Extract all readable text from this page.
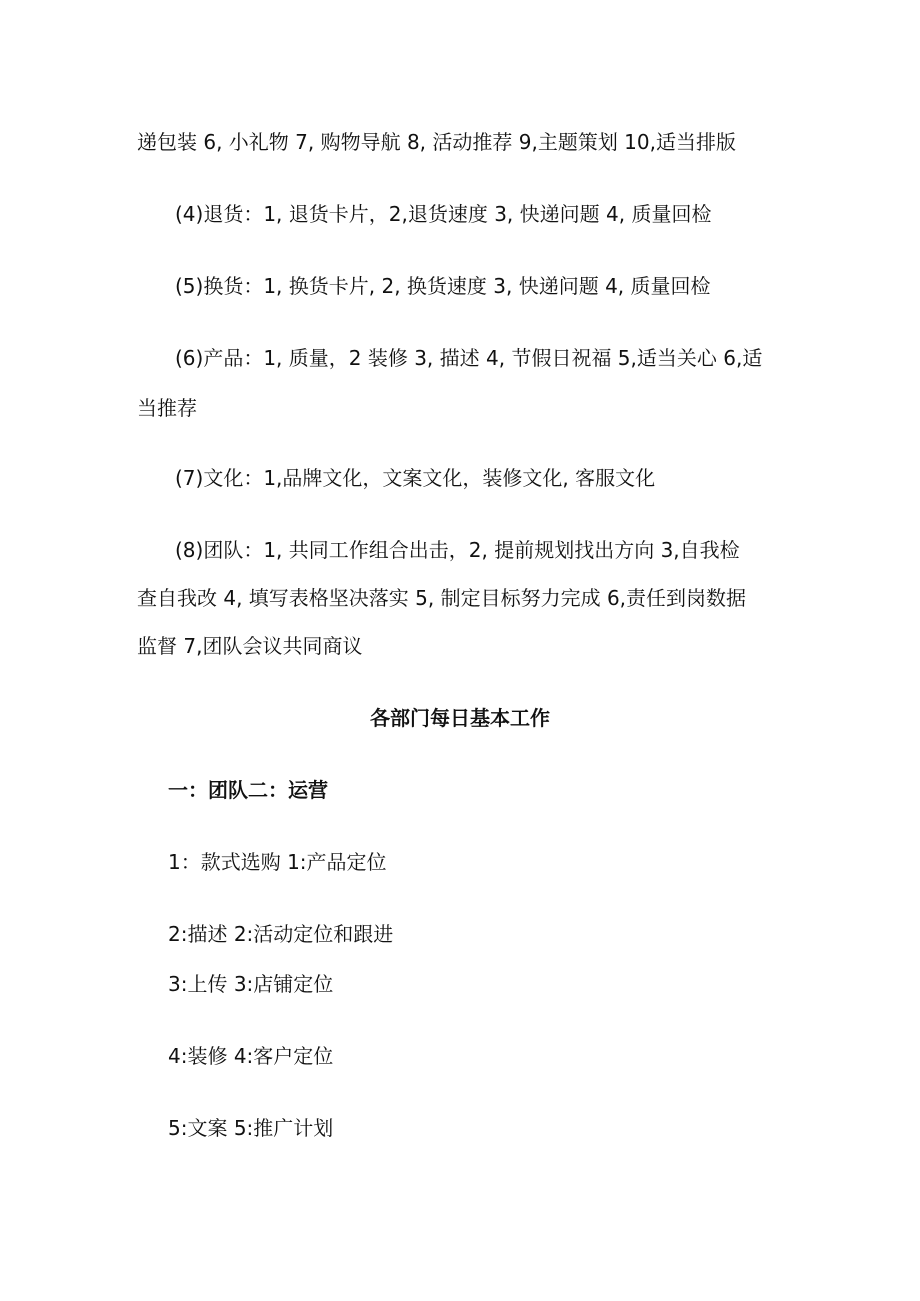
递包装 6, 小礼物 7, 购物导航 8, 活动推荐 9,主题策划 10,适当排版
(4)退货：1, 退货卡片，2,退货速度 3, 快递问题 4, 质量回检
(5)换货：1, 换货卡片, 2, 换货速度 3, 快递问题 4, 质量回检
(6)产品：1, 质量，2 装修 3, 描述 4, 节假日祝福 5,适当关心 6,适
当推荐
(7)文化：1,品牌文化，文案文化，装修文化, 客服文化
(8)团队：1, 共同工作组合出击，2, 提前规划找出方向 3,自我检
查自我改 4, 填写表格坚决落实 5, 制定目标努力完成 6,责任到岗数据
监督 7,团队会议共同商议
各部门每日基本工作
一：团队二：运营
1：款式选购 1:产品定位
2:描述 2:活动定位和跟进
3:上传 3:店铺定位
4:装修 4:客户定位
5:文案 5:推广计划
